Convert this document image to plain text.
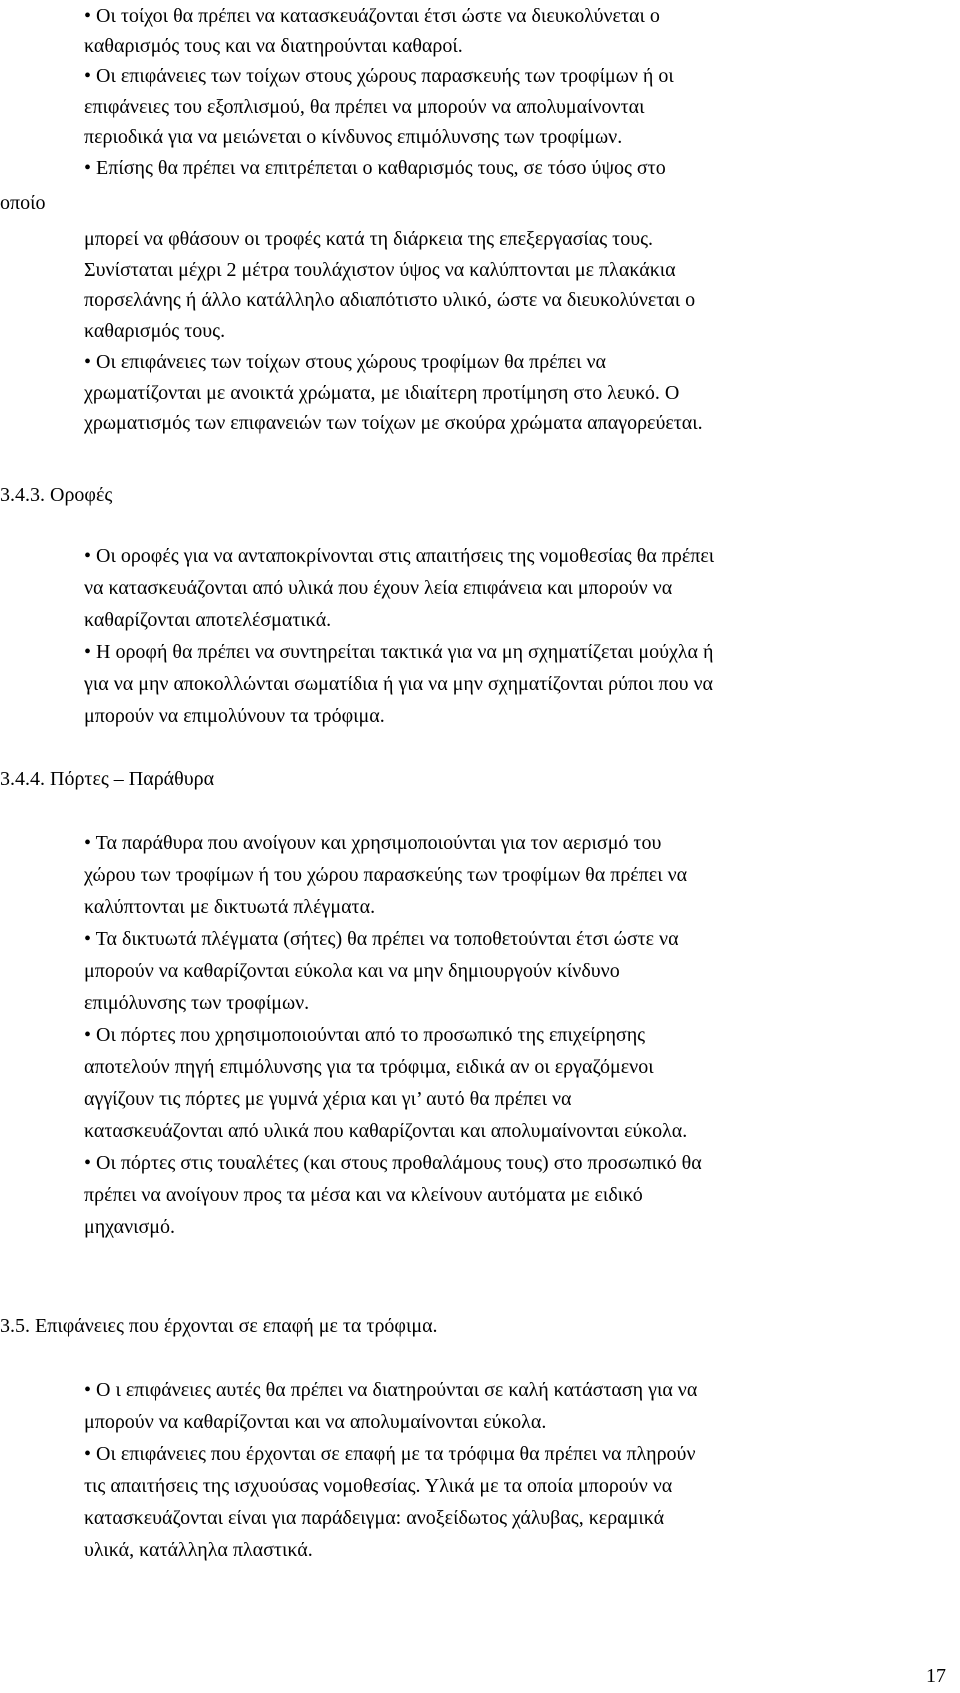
• Οι τοίχοι θα πρέπει να κατασκευάζονται έτσι ώστε να διευκολύνεται ο
καθαρισμός τους και να διατηρούνται καθαροί.
• Οι επιφάνειες των τοίχων στους χώρους παρασκευής των τροφίμων ή οι
επιφάνειες του εξοπλισμού, θα πρέπει να μπορούν να απολυμαίνονται
περιοδικά για να μειώνεται ο κίνδυνος επιμόλυνσης των τροφίμων.
• Επίσης θα πρέπει να επιτρέπεται ο καθαρισμός τους, σε τόσο ύψος στο
οποίο
μπορεί να φθάσουν οι τροφές κατά τη διάρκεια της επεξεργασίας τους.
Συνίσταται μέχρι 2 μέτρα τουλάχιστον ύψος να καλύπτονται με πλακάκια
πορσελάνης ή άλλο κατάλληλο αδιαπότιστο υλικό, ώστε να διευκολύνεται ο
καθαρισμός τους.
• Οι επιφάνειες των τοίχων στους χώρους τροφίμων θα πρέπει να
χρωματίζονται με ανοικτά χρώματα, με ιδιαίτερη προτίμηση στο λευκό. Ο
χρωματισμός των επιφανειών των τοίχων με σκούρα χρώματα απαγορεύεται.
3.4.3. Οροφές
• Οι οροφές για να ανταποκρίνονται στις απαιτήσεις της νομοθεσίας θα πρέπει
να κατασκευάζονται από υλικά που έχουν λεία επιφάνεια και μπορούν να
καθαρίζονται αποτελέσματικά.
• Η οροφή θα πρέπει να συντηρείται τακτικά για να μη σχηματίζεται μούχλα ή
για να μην αποκολλώνται σωματίδια ή για να μην σχηματίζονται ρύποι που να
μπορούν να επιμολύνουν τα τρόφιμα.
3.4.4. Πόρτες – Παράθυρα
• Τα παράθυρα που ανοίγουν και χρησιμοποιούνται για τον αερισμό του
χώρου των τροφίμων ή του χώρου παρασκεύης των τροφίμων θα πρέπει να
καλύπτονται με δικτυωτά πλέγματα.
• Τα δικτυωτά πλέγματα (σήτες) θα πρέπει να τοποθετούνται έτσι ώστε να
μπορούν να καθαρίζονται εύκολα και να μην δημιουργούν κίνδυνο
επιμόλυνσης των τροφίμων.
• Οι πόρτες που χρησιμοποιούνται από το προσωπικό της επιχείρησης
αποτελούν πηγή επιμόλυνσης για τα τρόφιμα, ειδικά αν οι εργαζόμενοι
αγγίζουν τις πόρτες με γυμνά χέρια και γι’ αυτό θα πρέπει να
κατασκευάζονται από υλικά που καθαρίζονται και απολυμαίνονται εύκολα.
• Οι πόρτες στις τουαλέτες (και στους προθαλάμους τους) στο προσωπικό θα
πρέπει να ανοίγουν προς τα μέσα και να κλείνουν αυτόματα με ειδικό
μηχανισμό.
3.5. Επιφάνειες που έρχονται σε επαφή με τα τρόφιμα.
• Ο ι επιφάνειες αυτές θα πρέπει να διατηρούνται σε καλή κατάσταση για να
μπορούν να καθαρίζονται και να απολυμαίνονται εύκολα.
• Οι επιφάνειες που έρχονται σε επαφή με τα τρόφιμα θα πρέπει να πληρούν
τις απαιτήσεις της ισχυούσας νομοθεσίας. Υλικά με τα οποία μπορούν να
κατασκευάζονται είναι για παράδειγμα: ανοξείδωτος χάλυβας, κεραμικά
υλικά, κατάλληλα πλαστικά.
17
